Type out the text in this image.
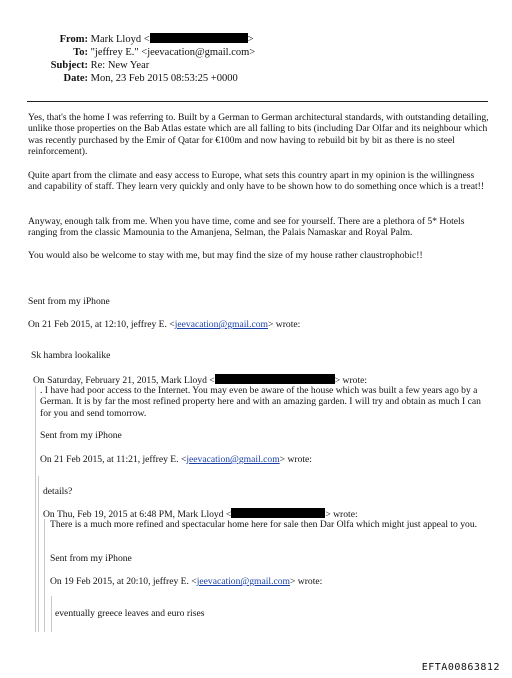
From: Mark Lloyd <	>
To: "jeffrey E." <jeevacation@gmail.com>
Subject: Re: New Year
Date: Mon, 23 Feb 2015 08:53:25 +0000
Yes, that's the home I was referring to. Built by a German to German architectural standards, with outstanding detailing, unlike those properties on the Bab Atlas estate which are all falling to bits (including Dar Olfar and its neighbour which was recently purchased by the Emir of Qatar for €100m and now having to rebuild bit by bit as there is no steel reinforcement).
Quite apart from the climate and easy access to Europe, what sets this country apart in my opinion is the willingness and capability of staff. They learn very quickly and only have to be shown how to do something once which is a treat!!
Anyway, enough talk from me. When you have time, come and see for yourself. There are a plethora of 5* Hotels ranging from the classic Mamounia to the Amanjena, Selman, the Palais Namaskar and Royal Palm.
You would also be welcome to stay with me, but may find the size of my house rather claustrophobic!!
Sent from my iPhone
On 21 Feb 2015, at 12:10, jeffrey E. <jeevacation@gmail.com> wrote:
Sk hambra lookalike
On Saturday, February 21, 2015, Mark Lloyd <	> wrote:
. I have had poor access to the Internet. You may even be aware of the house which was built a few years ago by a German. It is by far the most refined property here and with an amazing garden. I will try and obtain as much I can for you and send tomorrow.
Sent from my iPhone
On 21 Feb 2015, at 11:21, jeffrey E. <jeevacation@gmail.com> wrote:
details?
On Thu, Feb 19, 2015 at 6:48 PM, Mark Lloyd <	> wrote:
There is a much more refined and spectacular home here for sale then Dar Olfa which might just appeal to you.
Sent from my iPhone
On 19 Feb 2015, at 20:10, jeffrey E. <jeevacation@gmail.com> wrote:
eventually greece leaves and euro rises
EFTA00863812
